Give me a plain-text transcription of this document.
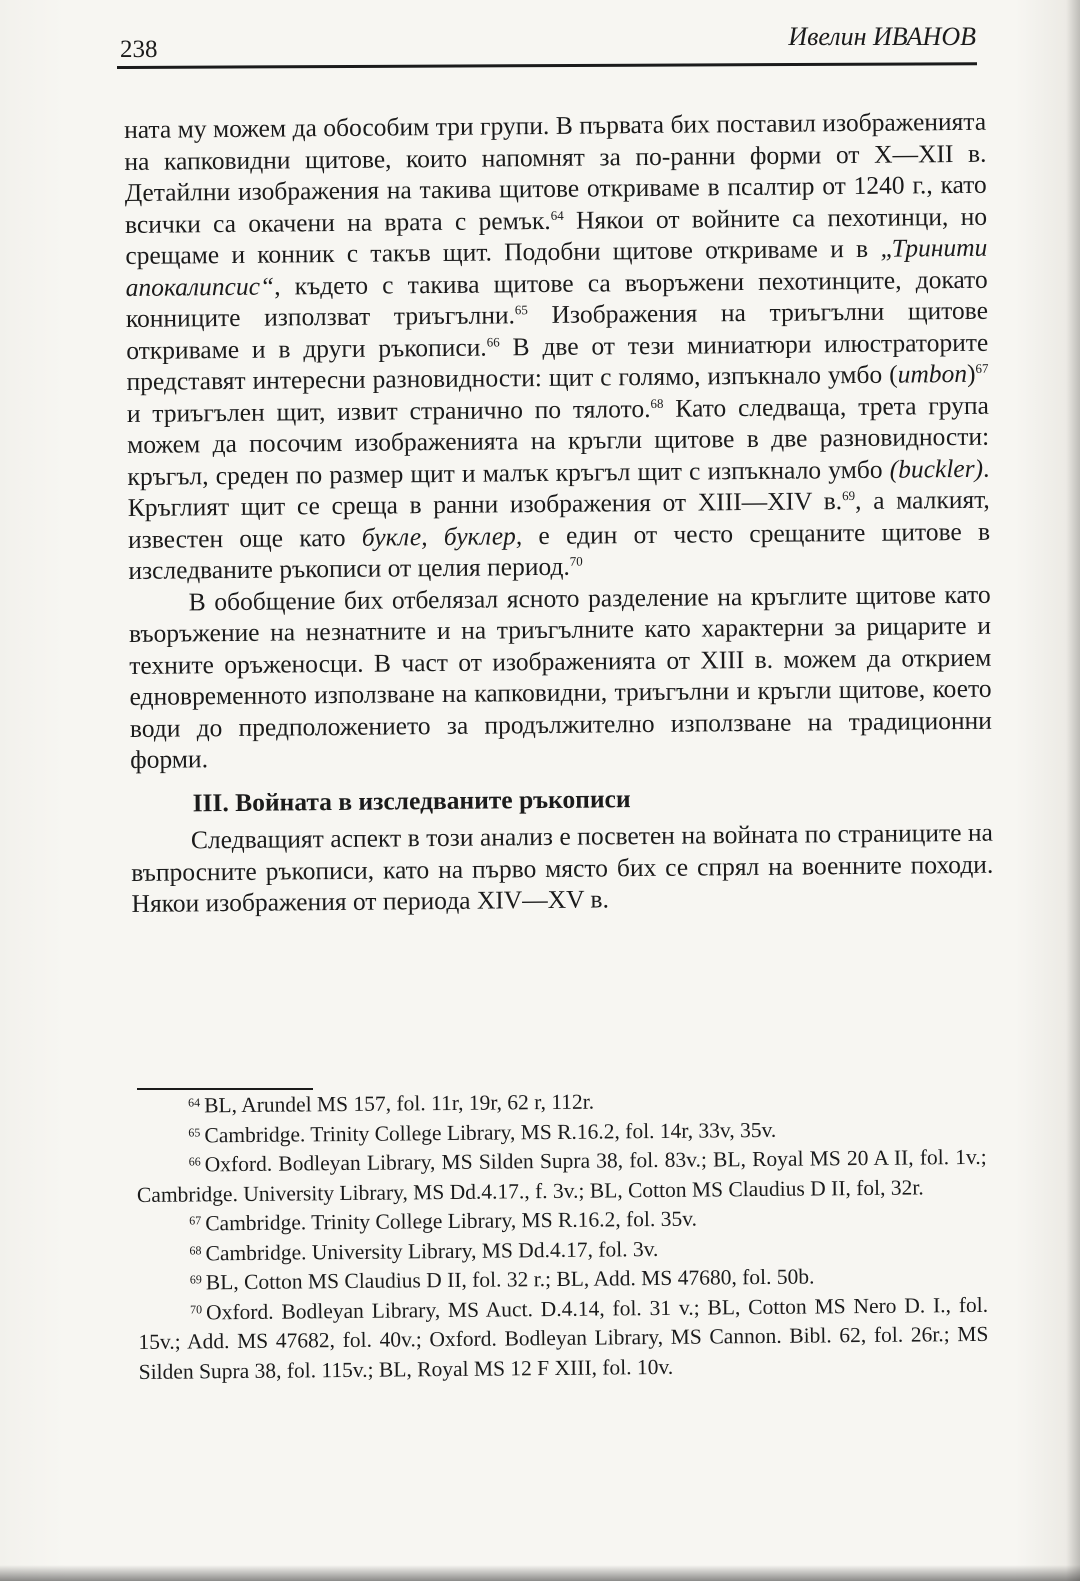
238	Ивелин ИВАНОВ

ната му можем да обособим три групи. В първата бих поставил изображенията на капковидни щитове, които напомнят за по-ранни форми от X—XII в. Детайлни изображения на такива щитове откриваме в псалтир от 1240 г., като всички са окачени на врата с ремък.$^{64}$ Някои от войните са пехотинци, но срещаме и конник с такъв щит. Подобни щитове откриваме и в „Тринити апокалипсис“, където с такива щитове са въоръжени пехотинците, докато конниците използват триъгълни.$^{65}$ Изображения на триъгълни щитове откриваме и в други ръкописи.$^{66}$ В две от тези миниатюри илюстраторите представят интересни разновидности: щит с голямо, изпъкнало умбо (umbon)$^{67}$ и триъгълен щит, извит странично по тялото.$^{68}$ Като следваща, трета група можем да посочим изображенията на кръгли щитове в две разновидности: кръгъл, среден по размер щит и малък кръгъл щит с изпъкнало умбо (buckler). Кръглият щит се среща в ранни изображения от XIII—XIV в.$^{69}$, а малкият, известен още като букле, буклер, е един от често срещаните щитове в изследваните ръкописи от целия период.$^{70}$

В обобщение бих отбелязал ясното разделение на кръглите щитове като въоръжение на незнатните и на триъгълните като характерни за рицарите и техните оръженосци. В част от изображенията от XIII в. можем да открием едновременното използване на капковидни, триъгълни и кръгли щитове, което води до предположението за продължително използване на традиционни форми.

III. Войната в изследваните ръкописи

Следващият аспект в този анализ е посветен на войната по страниците на въпросните ръкописи, като на първо място бих се спрял на военните походи. Някои изображения от периода XIV—XV в.

$^{64}$ BL, Arundel MS 157, fol. 11r, 19r, 62 r, 112r.

$^{65}$ Cambridge. Trinity College Library, MS R.16.2, fol. 14r, 33v, 35v.

$^{66}$ Oxford. Bodleyan Library, MS Silden Supra 38, fol. 83v.; BL, Royal MS 20 A II, fol. 1v.; Cambridge. University Library, MS Dd.4.17., f. 3v.; BL, Cotton MS Claudius D II, fol, 32r.

$^{67}$ Cambridge. Trinity College Library, MS R.16.2, fol. 35v.

$^{68}$ Cambridge. University Library, MS Dd.4.17, fol. 3v.

$^{69}$ BL, Cotton MS Claudius D II, fol. 32 r.; BL, Add. MS 47680, fol. 50b.

$^{70}$ Oxford. Bodleyan Library, MS Auct. D.4.14, fol. 31 v.; BL, Cotton MS Nero D. I., fol. 15v.; Add. MS 47682, fol. 40v.; Oxford. Bodleyan Library, MS Cannon. Bibl. 62, fol. 26r.; MS Silden Supra 38, fol. 115v.; BL, Royal MS 12 F XIII, fol. 10v.
